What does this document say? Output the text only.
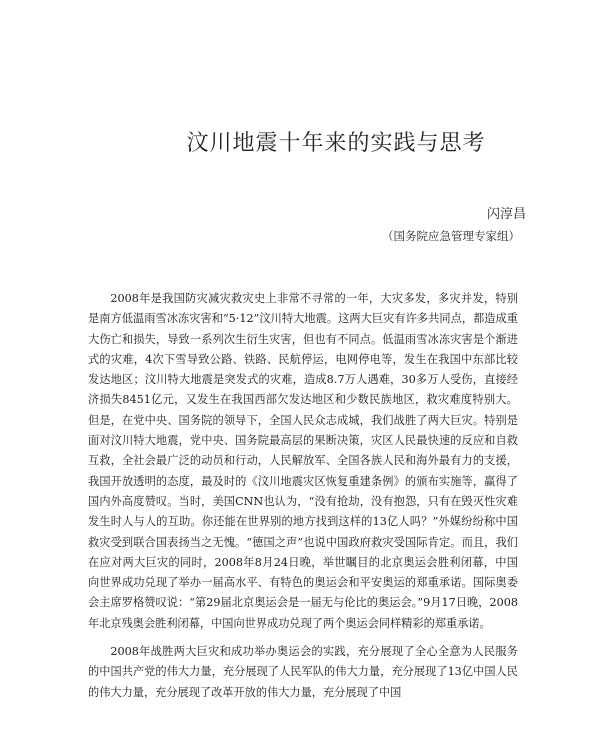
汶川地震十年来的实践与思考
闪淳昌
（国务院应急管理专家组）

2008年是我国防灾减灾救灾史上非常不寻常的一年，大灾多发，多灾并发，特别是南方低温雨雪冰冻灾害和“5·12”汶川特大地震。这两大巨灾有许多共同点，都造成重大伤亡和损失，导致一系列次生衍生灾害，但也有不同点。低温雨雪冰冻灾害是个渐进式的灾难，4次下雪导致公路、铁路、民航停运，电网停电等，发生在我国中东部比较发达地区；汶川特大地震是突发式的灾难，造成8.7万人遇难，30多万人受伤，直接经济损失8451亿元，又发生在我国西部欠发达地区和少数民族地区，救灾难度特别大。但是，在党中央、国务院的领导下，全国人民众志成城，我们战胜了两大巨灾。特别是面对汶川特大地震，党中央、国务院最高层的果断决策，灾区人民最快速的反应和自救互救，全社会最广泛的动员和行动，人民解放军、全国各族人民和海外最有力的支援，我国开放透明的态度，最及时的《汶川地震灾区恢复重建条例》的颁布实施等，赢得了国内外高度赞叹。当时，美国CNN也认为，“没有抢劫，没有抱怨，只有在毁灭性灾难发生时人与人的互助。你还能在世界别的地方找到这样的13亿人吗？”外媒纷纷称中国救灾受到联合国表扬当之无愧。“德国之声”也说中国政府救灾受国际肯定。而且，我们在应对两大巨灾的同时，2008年8月24日晚，举世瞩目的北京奥运会胜利闭幕，中国向世界成功兑现了举办一届高水平、有特色的奥运会和平安奥运的郑重承诺。国际奥委会主席罗格赞叹说：“第29届北京奥运会是一届无与伦比的奥运会。”9月17日晚，2008年北京残奥会胜利闭幕，中国向世界成功兑现了两个奥运会同样精彩的郑重承诺。

2008年战胜两大巨灾和成功举办奥运会的实践，充分展现了全心全意为人民服务的中国共产党的伟大力量，充分展现了人民军队的伟大力量，充分展现了13亿中国人民的伟大力量，充分展现了改革开放的伟大力量，充分展现了中国
